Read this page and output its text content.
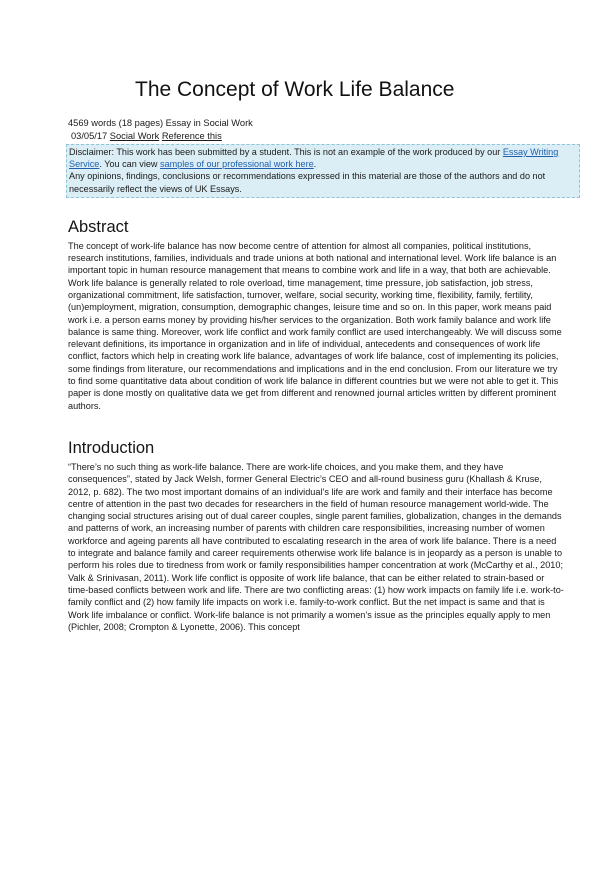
The Concept of Work Life Balance
4569 words (18 pages) Essay in Social Work
03/05/17 Social Work Reference this
Disclaimer: This work has been submitted by a student. This is not an example of the work produced by our Essay Writing Service. You can view samples of our professional work here.
Any opinions, findings, conclusions or recommendations expressed in this material are those of the authors and do not necessarily reflect the views of UK Essays.
Abstract

The concept of work-life balance has now become centre of attention for almost all companies, political institutions, research institutions, families, individuals and trade unions at both national and international level. Work life balance is an important topic in human resource management that means to combine work and life in a way, that both are achievable. Work life balance is generally related to role overload, time management, time pressure, job satisfaction, job stress, organizational commitment, life satisfaction, turnover, welfare, social security, working time, flexibility, family, fertility, (un)employment, migration, consumption, demographic changes, leisure time and so on. In this paper, work means paid work i.e. a person earns money by providing his/her services to the organization. Both work family balance and work life balance is same thing. Moreover, work life conflict and work family conflict are used interchangeably. We will discuss some relevant definitions, its importance in organization and in life of individual, antecedents and consequences of work life conflict, factors which help in creating work life balance, advantages of work life balance, cost of implementing its policies, some findings from literature, our recommendations and implications and in the end conclusion. From our literature we try to find some quantitative data about condition of work life balance in different countries but we were not able to get it. This paper is done mostly on qualitative data we get from different and renowned journal articles written by different prominent authors.

Introduction

“There’s no such thing as work-life balance. There are work-life choices, and you make them, and they have consequences”, stated by Jack Welsh, former General Electric’s CEO and all-round business guru (Khallash & Kruse, 2012, p. 682). The two most important domains of an individual’s life are work and family and their interface has become centre of attention in the past two decades for researchers in the field of human resource management world-wide. The changing social structures arising out of dual career couples, single parent families, globalization, changes in the demands and patterns of work, an increasing number of parents with children care responsibilities, increasing number of women workforce and ageing parents all have contributed to escalating research in the area of work life balance. There is a need to integrate and balance family and career requirements otherwise work life balance is in jeopardy as a person is unable to perform his roles due to tiredness from work or family responsibilities hamper concentration at work (McCarthy et al., 2010; Valk & Srinivasan, 2011). Work life conflict is opposite of work life balance, that can be either related to strain-based or time-based conflicts between work and life. There are two conflicting areas: (1) how work impacts on family life i.e. work-to-family conflict and (2) how family life impacts on work i.e. family-to-work conflict. But the net impact is same and that is Work life imbalance or conflict. Work-life balance is not primarily a women’s issue as the principles equally apply to men (Pichler, 2008; Crompton & Lyonette, 2006). This concept
